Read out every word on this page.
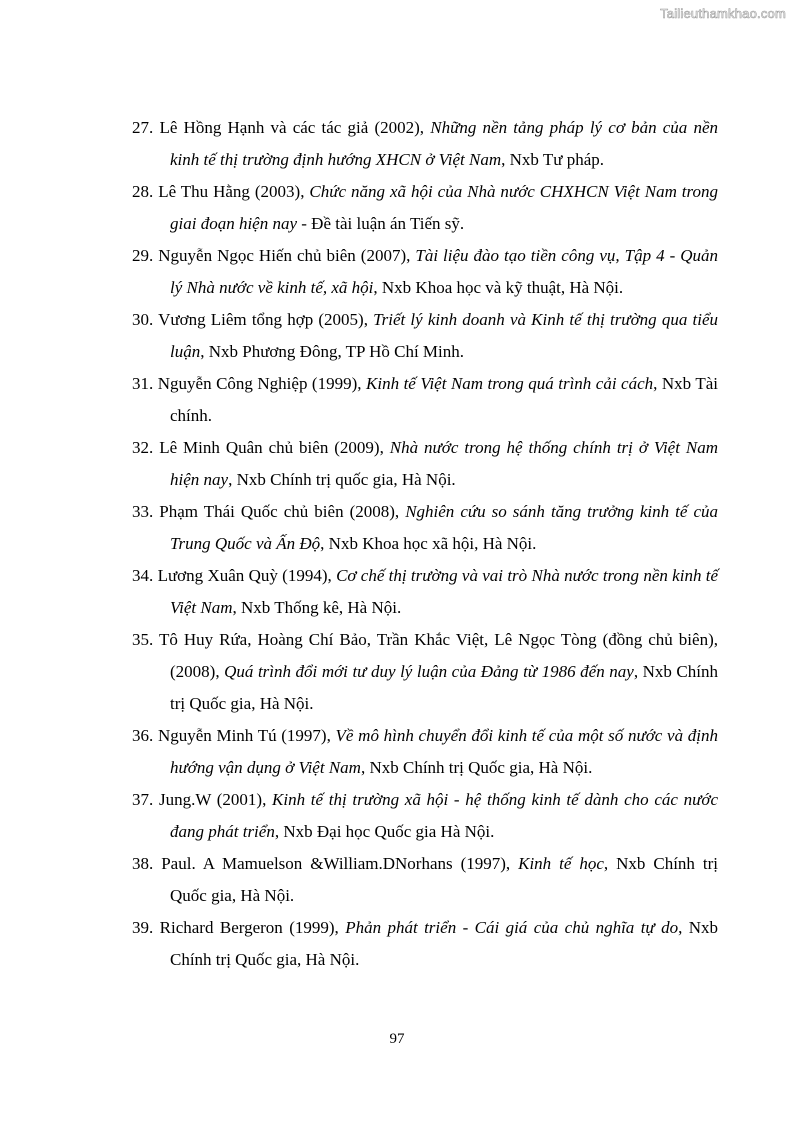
Tailieuthamkhao.com
27. Lê Hồng Hạnh và các tác giả (2002), Những nền tảng pháp lý cơ bản của nền kinh tế thị trường định hướng XHCN ở Việt Nam, Nxb Tư pháp.
28. Lê Thu Hằng (2003), Chức năng xã hội của Nhà nước CHXHCN Việt Nam trong giai đoạn hiện nay - Đề tài luận án Tiến sỹ.
29. Nguyễn Ngọc Hiến chủ biên (2007), Tài liệu đào tạo tiền công vụ, Tập 4 - Quản lý Nhà nước về kinh tế, xã hội, Nxb Khoa học và kỹ thuật, Hà Nội.
30. Vương Liêm tổng hợp (2005), Triết lý kinh doanh và Kinh tế thị trường qua tiểu luận, Nxb Phương Đông, TP Hồ Chí Minh.
31. Nguyễn Công Nghiệp (1999), Kinh tế Việt Nam trong quá trình cải cách, Nxb Tài chính.
32. Lê Minh Quân chủ biên (2009), Nhà nước trong hệ thống chính trị ở Việt Nam hiện nay, Nxb Chính trị quốc gia, Hà Nội.
33. Phạm Thái Quốc chủ biên (2008), Nghiên cứu so sánh tăng trưởng kinh tế của Trung Quốc và Ấn Độ, Nxb Khoa học xã hội, Hà Nội.
34. Lương Xuân Quỳ (1994), Cơ chế thị trường và vai trò Nhà nước trong nền kinh tế Việt Nam, Nxb Thống kê, Hà Nội.
35. Tô Huy Rứa, Hoàng Chí Bảo, Trần Khắc Việt, Lê Ngọc Tòng (đồng chủ biên), (2008), Quá trình đổi mới tư duy lý luận của Đảng từ 1986 đến nay, Nxb Chính trị Quốc gia, Hà Nội.
36. Nguyễn Minh Tú (1997), Về mô hình chuyển đổi kinh tế của một số nước và định hướng vận dụng ở Việt Nam, Nxb Chính trị Quốc gia, Hà Nội.
37. Jung.W (2001), Kinh tế thị trường xã hội - hệ thống kinh tế dành cho các nước đang phát triển, Nxb Đại học Quốc gia Hà Nội.
38. Paul. A Mamuelson &William.DNorhans (1997), Kinh tế học, Nxb Chính trị Quốc gia, Hà Nội.
39. Richard Bergeron (1999), Phản phát triển - Cái giá của chủ nghĩa tự do, Nxb Chính trị Quốc gia, Hà Nội.
97
